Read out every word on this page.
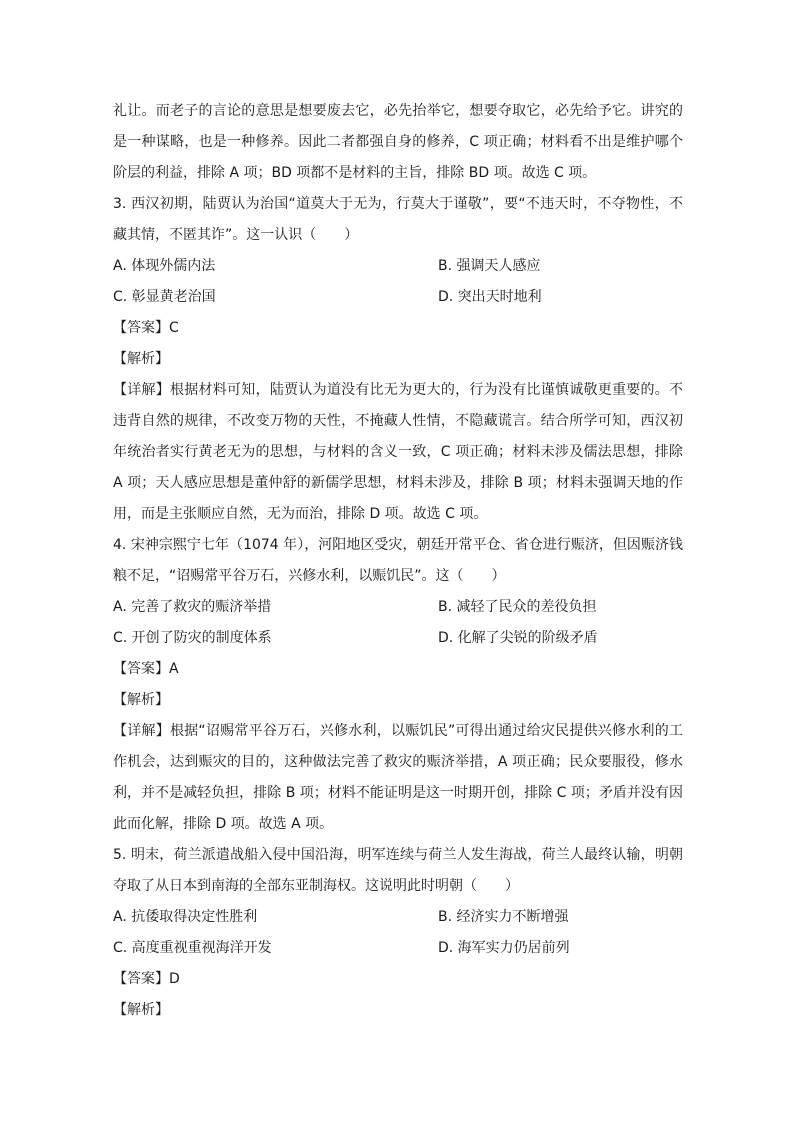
礼让。而老子的言论的意思是想要废去它，必先抬举它，想要夺取它，必先给予它。讲究的是一种谋略，也是一种修养。因此二者都强自身的修养，C 项正确；材料看不出是维护哪个阶层的利益，排除 A 项；BD 项都不是材料的主旨，排除 BD 项。故选 C 项。

3. 西汉初期，陆贾认为治国“道莫大于无为，行莫大于谨敬”，要“不违天时，不夺物性，不藏其情，不匿其诈”。这一认识（　　）

A. 体现外儒内法	B. 强调天人感应
C. 彰显黄老治国	D. 突出天时地利

【答案】C

【解析】

【详解】根据材料可知，陆贾认为道没有比无为更大的，行为没有比谨慎诚敬更重要的。不违背自然的规律，不改变万物的天性，不掩藏人性情，不隐藏谎言。结合所学可知，西汉初年统治者实行黄老无为的思想，与材料的含义一致，C 项正确；材料未涉及儒法思想，排除 A 项；天人感应思想是董仲舒的新儒学思想，材料未涉及，排除 B 项；材料未强调天地的作用，而是主张顺应自然，无为而治，排除 D 项。故选 C 项。

4. 宋神宗熙宁七年（1074 年），河阳地区受灾，朝廷开常平仓、省仓进行赈济，但因赈济钱粮不足，“诏赐常平谷万石，兴修水利，以赈饥民”。这（　　）

A. 完善了救灾的赈济举措	B. 减轻了民众的差役负担
C. 开创了防灾的制度体系	D. 化解了尖锐的阶级矛盾

【答案】A

【解析】

【详解】根据“诏赐常平谷万石，兴修水利，以赈饥民”可得出通过给灾民提供兴修水利的工作机会，达到赈灾的目的，这种做法完善了救灾的赈济举措，A 项正确；民众要服役，修水利，并不是减轻负担，排除 B 项；材料不能证明是这一时期开创，排除 C 项；矛盾并没有因此而化解，排除 D 项。故选 A 项。

5. 明末，荷兰派遣战船入侵中国沿海，明军连续与荷兰人发生海战，荷兰人最终认输，明朝夺取了从日本到南海的全部东亚制海权。这说明此时明朝（　　）

A. 抗倭取得决定性胜利	B. 经济实力不断增强
C. 高度重视重视海洋开发	D. 海军实力仍居前列

【答案】D

【解析】
